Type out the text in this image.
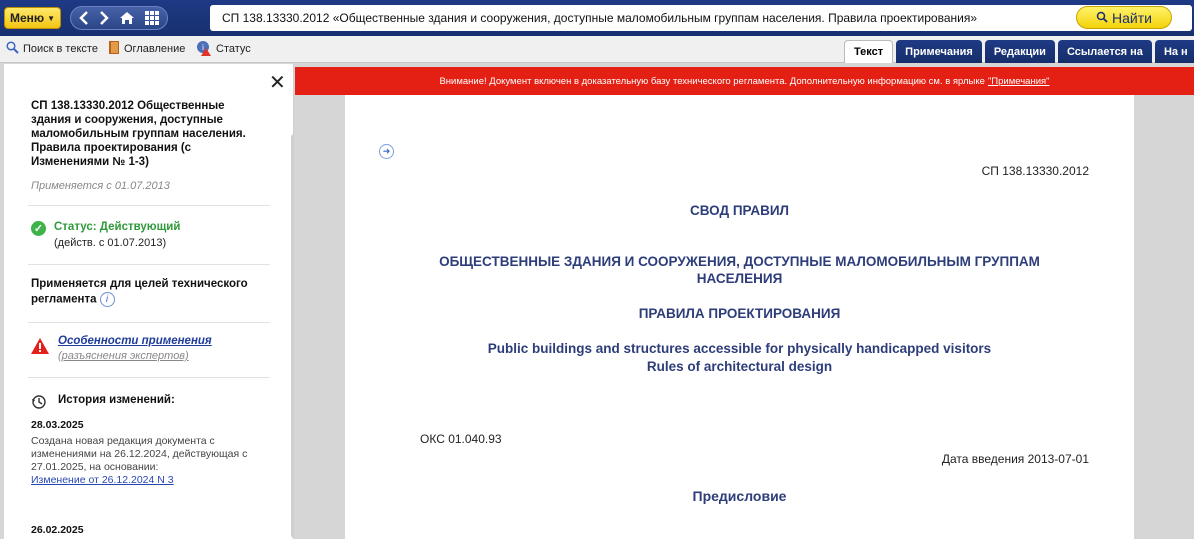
Меню ▼	СП 138.13330.2012 «Общественные здания и сооружения, доступные маломобильным группам населения. Правила проектирования»	Найти
Поиск в тексте Оглавление i Статус	Текст	Примечания	Редакции	Ссылается на	На н
✕
СП 138.13330.2012 Общественные здания и сооружения, доступные маломобильным группам населения. Правила проектирования (с Изменениями № 1-3)
Применяется с 01.07.2013
✓ Статус: Действующий
(действ. с 01.07.2013)
Применяется для целей технического регламента i
Особенности применения
(разъяснения экспертов)
История изменений:
28.03.2025
Создана новая редакция документа с изменениями на 26.12.2024, действующая с 27.01.2025, на основании:
Изменение от 26.12.2024 N 3
26.02.2025
Внимание! Документ включен в доказательную базу технического регламента. Дополнительную информацию см. в ярлыке "Примечания"
➜
СП 138.13330.2012
СВОД ПРАВИЛ
ОБЩЕСТВЕННЫЕ ЗДАНИЯ И СООРУЖЕНИЯ, ДОСТУПНЫЕ МАЛОМОБИЛЬНЫМ ГРУППАМ НАСЕЛЕНИЯ
ПРАВИЛА ПРОЕКТИРОВАНИЯ
Public buildings and structures accessible for physically handicapped visitors
Rules of architectural design
ОКС 01.040.93
Дата введения 2013-07-01
Предисловие
